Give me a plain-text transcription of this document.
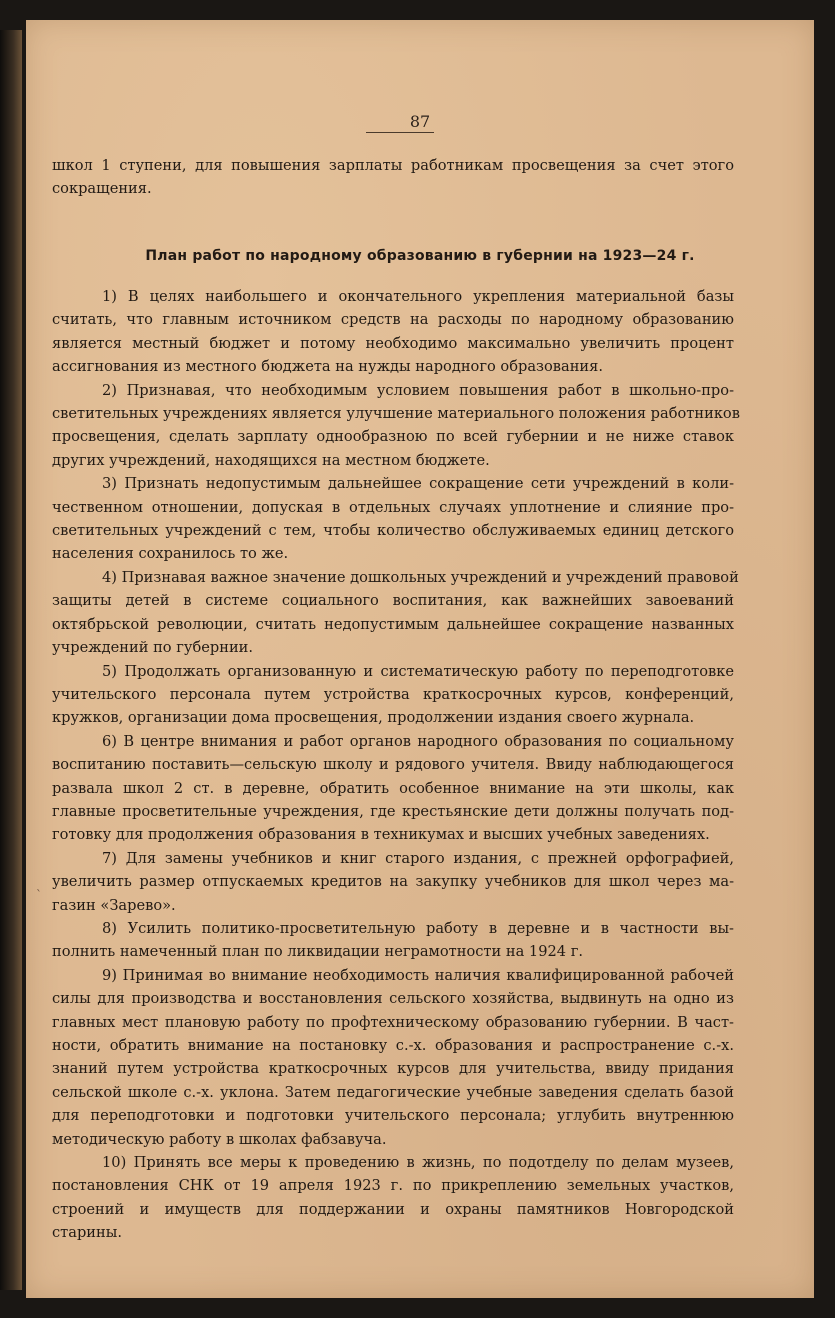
87
школ 1 ступени, для повышения зарплаты работникам просвещения за счет этого
сокращения.
План работ по народному образованию в губернии на 1923—24 г.
1) В целях наибольшего и окончательного укрепления материальной базы
считать, что главным источником средств на расходы по народному образованию
является местный бюджет и потому необходимо максимально увеличить процент
ассигнования из местного бюджета на нужды народного образования.
2) Признавая, что необходимым условием повышения работ в школьно-про-
светительных учреждениях является улучшение материального положения работников
просвещения, сделать зарплату однообразною по всей губернии и не ниже ставок
других учреждений, находящихся на местном бюджете.
3) Признать недопустимым дальнейшее сокращение сети учреждений в коли-
чественном отношении, допуская в отдельных случаях уплотнение и слияние про-
светительных учреждений с тем, чтобы количество обслуживаемых единиц детского
населения сохранилось то же.
4) Признавая важное значение дошкольных учреждений и учреждений правовой
защиты детей в системе социального воспитания, как важнейших завоеваний
октябрьской революции, считать недопустимым дальнейшее сокращение названных
учреждений по губернии.
5) Продолжать организованную и систематическую работу по переподготовке
учительского персонала путем устройства краткосрочных курсов, конференций,
кружков, организации дома просвещения, продолжении издания своего журнала.
6) В центре внимания и работ органов народного образования по социальному
воспитанию поставить—сельскую школу и рядового учителя. Ввиду наблюдающегося
развала школ 2 ст. в деревне, обратить особенное внимание на эти школы, как
главные просветительные учреждения, где крестьянские дети должны получать под-
готовку для продолжения образования в техникумах и высших учебных заведениях.
7) Для замены учебников и книг старого издания, с прежней орфографией,
увеличить размер отпускаемых кредитов на закупку учебников для школ через ма-
газин «Зарево».
8) Усилить политико-просветительную работу в деревне и в частности вы-
полнить намеченный план по ликвидации неграмотности на 1924 г.
9) Принимая во внимание необходимость наличия квалифицированной рабочей
силы для производства и восстановления сельского хозяйства, выдвинуть на одно из
главных мест плановую работу по профтехническому образованию губернии. В част-
ности, обратить внимание на постановку с.-х. образования и распространение с.-х.
знаний путем устройства краткосрочных курсов для учительства, ввиду придания
сельской школе с.-х. уклона. Затем педагогические учебные заведения сделать базой
для переподготовки и подготовки учительского персонала; углубить внутреннюю
методическую работу в школах фабзавуча.
10) Принять все меры к проведению в жизнь, по подотделу по делам музеев,
постановления СНК от 19 апреля 1923 г. по прикреплению земельных участков,
строений и имуществ для поддержании и охраны памятников Новгородской
старины.
`
